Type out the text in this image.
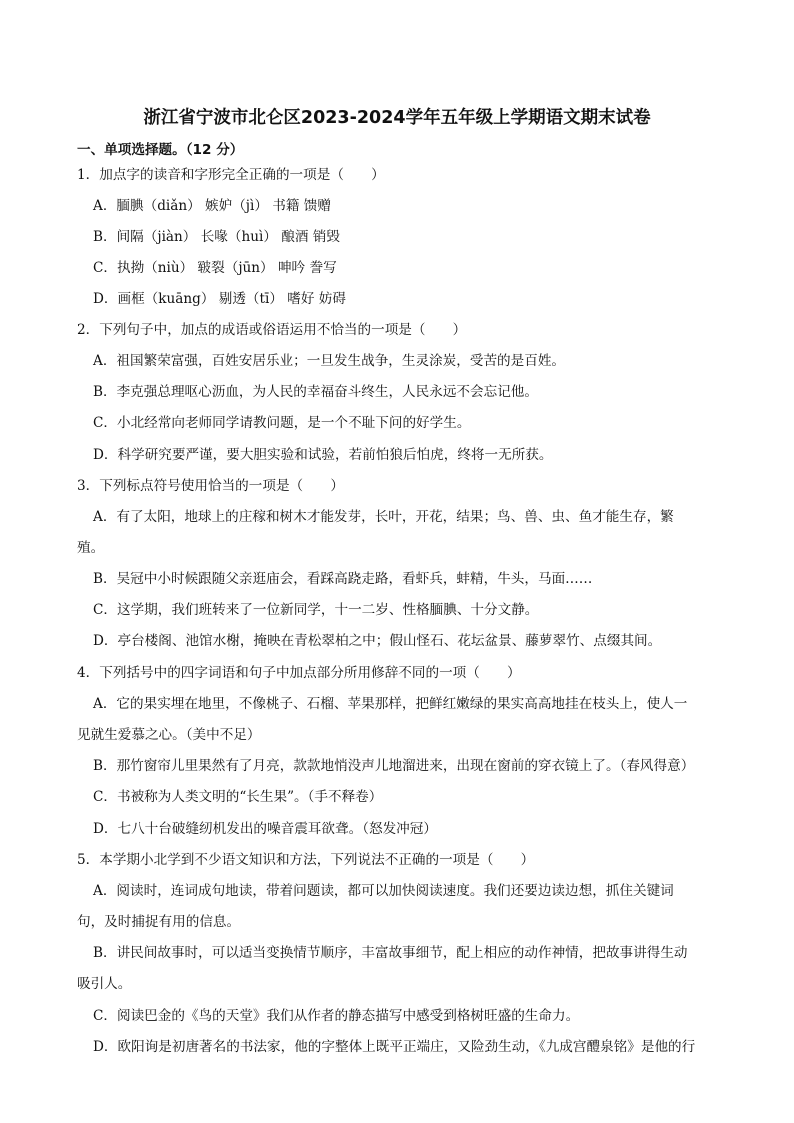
浙江省宁波市北仑区2023-2024学年五年级上学期语文期末试卷
一、单项选择题。（12 分）
1．加点字的读音和字形完全正确的一项是（　　）
A．腼腆（diǎn） 嫉妒（jì） 书籍 馈赠
B．间隔（jiàn） 长喙（huì） 酿酒 销毁
C．执拗（niù） 皲裂（jūn） 呻吟 誊写
D．画框（kuāng） 剔透（tī） 嗜好 妨碍
2．下列句子中，加点的成语或俗语运用不恰当的一项是（　　）
A．祖国繁荣富强，百姓安居乐业；一旦发生战争，生灵涂炭，受苦的是百姓。
B．李克强总理呕心沥血，为人民的幸福奋斗终生，人民永远不会忘记他。
C．小北经常向老师同学请教问题，是一个不耻下问的好学生。
D．科学研究要严谨，要大胆实验和试验，若前怕狼后怕虎，终将一无所获。
3．下列标点符号使用恰当的一项是（　　）
A．有了太阳，地球上的庄稼和树木才能发芽，长叶，开花，结果；鸟、兽、虫、鱼才能生存，繁
殖。
B．吴冠中小时候跟随父亲逛庙会，看踩高跷走路，看虾兵，蚌精，牛头，马面……
C．这学期，我们班转来了一位新同学，十一二岁、性格腼腆、十分文静。
D．亭台楼阁、池馆水榭，掩映在青松翠柏之中；假山怪石、花坛盆景、藤萝翠竹、点缀其间。
4．下列括号中的四字词语和句子中加点部分所用修辞不同的一项（　　）
A．它的果实埋在地里，不像桃子、石榴、苹果那样，把鲜红嫩绿的果实高高地挂在枝头上，使人一
见就生爱慕之心。（美中不足）
B．那竹窗帘儿里果然有了月亮，款款地悄没声儿地溜进来，出现在窗前的穿衣镜上了。（春风得意）
C．书被称为人类文明的“长生果”。（手不释卷）
D．七八十台破缝纫机发出的噪音震耳欲聋。（怒发冲冠）
5．本学期小北学到不少语文知识和方法，下列说法不正确的一项是（　　）
A．阅读时，连词成句地读，带着问题读，都可以加快阅读速度。我们还要边读边想，抓住关键词
句，及时捕捉有用的信息。
B．讲民间故事时，可以适当变换情节顺序，丰富故事细节，配上相应的动作神情，把故事讲得生动
吸引人。
C．阅读巴金的《鸟的天堂》我们从作者的静态描写中感受到格树旺盛的生命力。
D．欧阳询是初唐著名的书法家，他的字整体上既平正端庄，又险劲生动，《九成宫醴泉铭》是他的行
